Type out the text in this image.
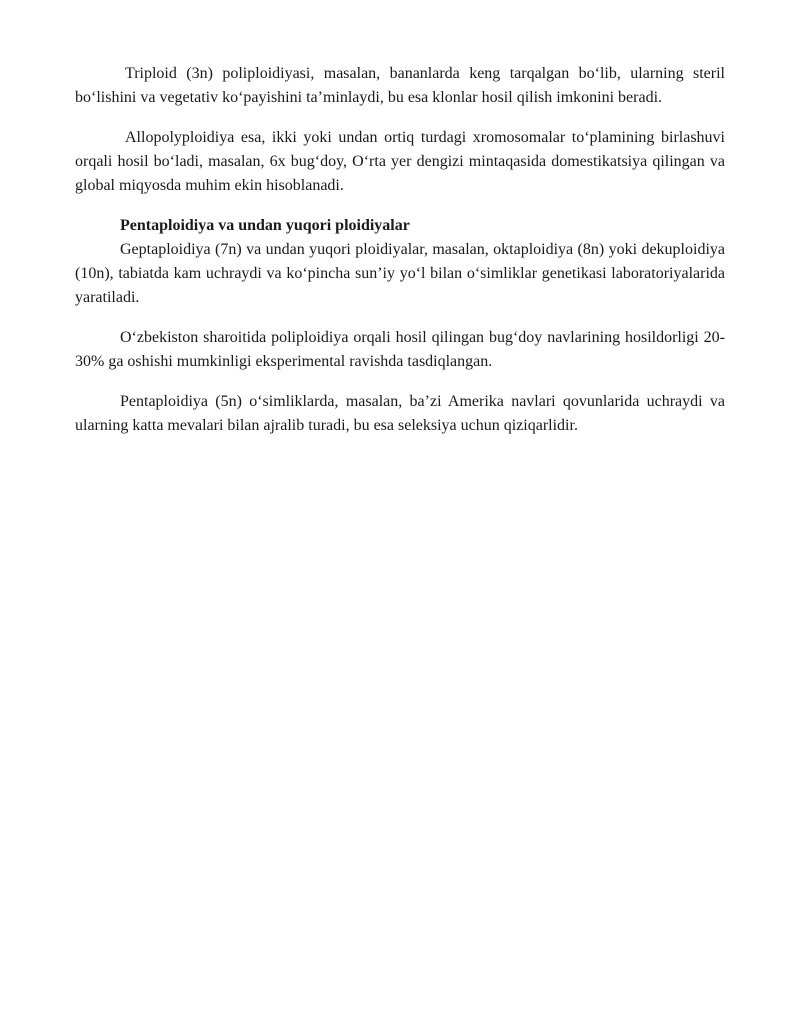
Triploid (3n) poliploidiyasi, masalan, bananlarda keng tarqalgan bo‘lib, ularning steril bo‘lishini va vegetativ ko‘payishini ta’minlaydi, bu esa klonlar hosil qilish imkonini beradi.

Allopolyploidiya esa, ikki yoki undan ortiq turdagi xromosomalar to‘plamining birlashuvi orqali hosil bo‘ladi, masalan, 6x bug‘doy, O‘rta yer dengizi mintaqasida domestikatsiya qilingan va global miqyosda muhim ekin hisoblanadi.

Pentaploidiya va undan yuqori ploidiyalar

Geptaploidiya (7n) va undan yuqori ploidiyalar, masalan, oktaploidiya (8n) yoki dekuploidiya (10n), tabiatda kam uchraydi va ko‘pincha sun’iy yo‘l bilan o‘simliklar genetikasi laboratoriyalarida yaratiladi.

O‘zbekiston sharoitida poliploidiya orqali hosil qilingan bug‘doy navlarining hosildorligi 20-30% ga oshishi mumkinligi eksperimental ravishda tasdiqlangan.

Pentaploidiya (5n) o‘simliklarda, masalan, ba’zi Amerika navlari qovunlarida uchraydi va ularning katta mevalari bilan ajralib turadi, bu esa seleksiya uchun qiziqarlidir.
